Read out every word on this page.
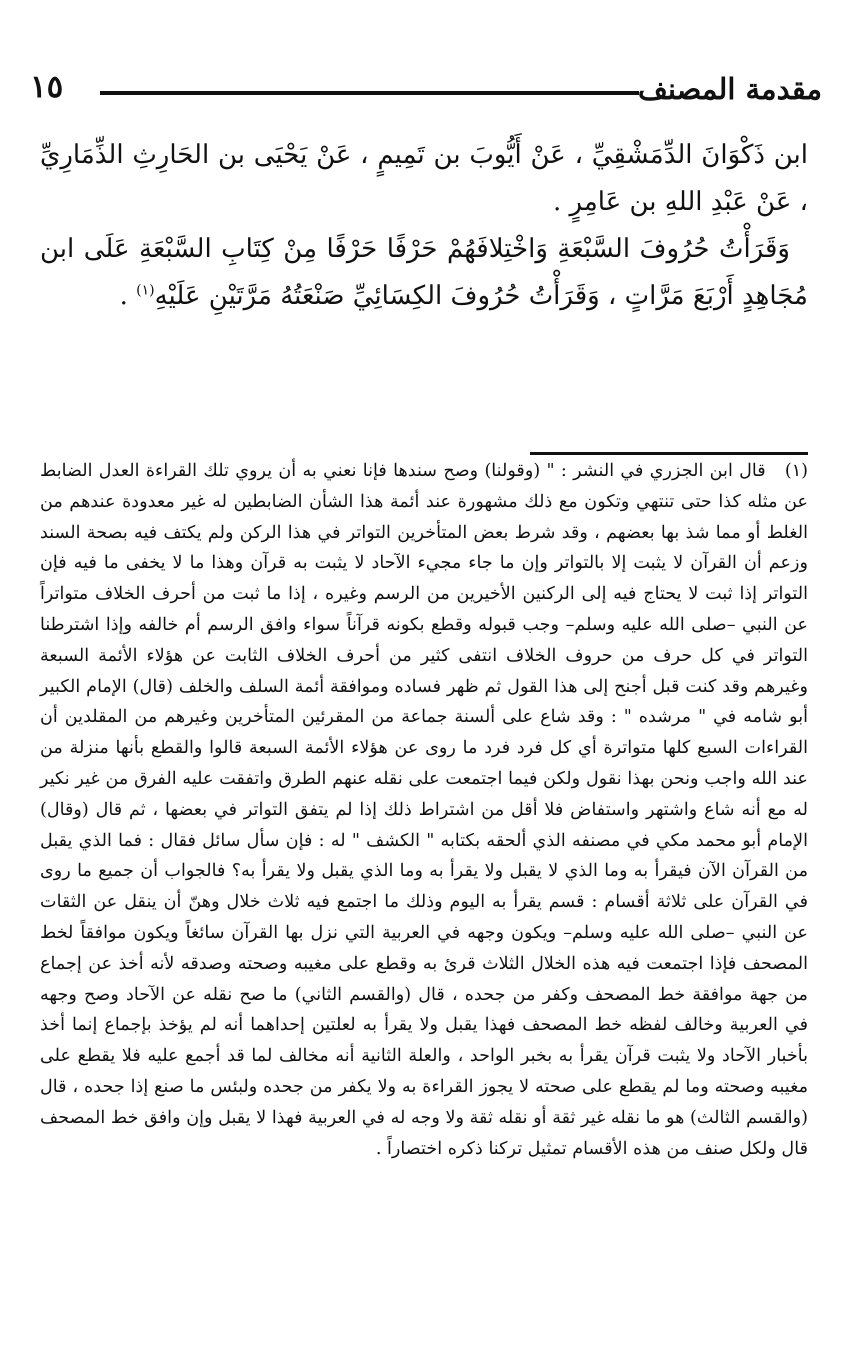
١٥	مقدمة المصنف

ابن ذَكْوَانَ الدِّمَشْقِيِّ ، عَنْ أَيُّوبَ بن تَمِيمٍ ، عَنْ يَحْيَى بن الحَارِثِ الذِّمَارِيِّ ، عَنْ عَبْدِ اللهِ بن عَامِرٍ .

وَقَرَأْتُ حُرُوفَ السَّبْعَةِ وَاخْتِلافَهُمْ حَرْفًا حَرْفًا مِنْ كِتَابِ السَّبْعَةِ عَلَى ابن مُجَاهِدٍ أَرْبَعَ مَرَّاتٍ ، وَقَرَأْتُ حُرُوفَ الكِسَائِيِّ صَنْعَتُهُ مَرَّتَيْنِ عَلَيْهِ$^{(١)}$ .

(١) قال ابن الجزري في النشر : " (وقولنا) وصح سندها فإنا نعني به أن يروي تلك القراءة العدل الضابط عن مثله كذا حتى تنتهي وتكون مع ذلك مشهورة عند أئمة هذا الشأن الضابطين له غير معدودة عندهم من الغلط أو مما شذ بها بعضهم ، وقد شرط بعض المتأخرين التواتر في هذا الركن ولم يكتف فيه بصحة السند وزعم أن القرآن لا يثبت إلا بالتواتر وإن ما جاء مجيء الآحاد لا يثبت به قرآن وهذا ما لا يخفى ما فيه فإن التواتر إذا ثبت لا يحتاج فيه إلى الركنين الأخيرين من الرسم وغيره ، إذا ما ثبت من أحرف الخلاف متواتراً عن النبي –صلى الله عليه وسلم– وجب قبوله وقطع بكونه قرآناً سواء وافق الرسم أم خالفه وإذا اشترطنا التواتر في كل حرف من حروف الخلاف انتفى كثير من أحرف الخلاف الثابت عن هؤلاء الأئمة السبعة وغيرهم وقد كنت قبل أجنح إلى هذا القول ثم ظهر فساده وموافقة أئمة السلف والخلف (قال) الإمام الكبير أبو شامه في " مرشده " : وقد شاع على ألسنة جماعة من المقرئين المتأخرين وغيرهم من المقلدين أن القراءات السبع كلها متواترة أي كل فرد فرد ما روى عن هؤلاء الأئمة السبعة قالوا والقطع بأنها منزلة من عند الله واجب ونحن بهذا نقول ولكن فيما اجتمعت على نقله عنهم الطرق واتفقت عليه الفرق من غير نكير له مع أنه شاع واشتهر واستفاض فلا أقل من اشتراط ذلك إذا لم يتفق التواتر في بعضها ، ثم قال (وقال) الإمام أبو محمد مكي في مصنفه الذي ألحقه بكتابه " الكشف " له : فإن سأل سائل فقال : فما الذي يقبل من القرآن الآن فيقرأ به وما الذي لا يقبل ولا يقرأ به وما الذي يقبل ولا يقرأ به؟ فالجواب أن جميع ما روى في القرآن على ثلاثة أقسام : قسم يقرأ به اليوم وذلك ما اجتمع فيه ثلاث خلال وهنّ أن ينقل عن الثقات عن النبي –صلى الله عليه وسلم– ويكون وجهه في العربية التي نزل بها القرآن سائغاً ويكون موافقاً لخط المصحف فإذا اجتمعت فيه هذه الخلال الثلاث قرئ به وقطع على مغيبه وصحته وصدقه لأنه أخذ عن إجماع من جهة موافقة خط المصحف وكفر من جحده ، قال (والقسم الثاني) ما صح نقله عن الآحاد وصح وجهه في العربية وخالف لفظه خط المصحف فهذا يقبل ولا يقرأ به لعلتين إحداهما أنه لم يؤخذ بإجماع إنما أخذ بأخبار الآحاد ولا يثبت قرآن يقرأ به بخبر الواحد ، والعلة الثانية أنه مخالف لما قد أجمع عليه فلا يقطع على مغيبه وصحته وما لم يقطع على صحته لا يجوز القراءة به ولا يكفر من جحده ولبئس ما صنع إذا جحده ، قال (والقسم الثالث) هو ما نقله غير ثقة أو نقله ثقة ولا وجه له في العربية فهذا لا يقبل وإن وافق خط المصحف قال ولكل صنف من هذه الأقسام تمثيل تركنا ذكره اختصاراً .
